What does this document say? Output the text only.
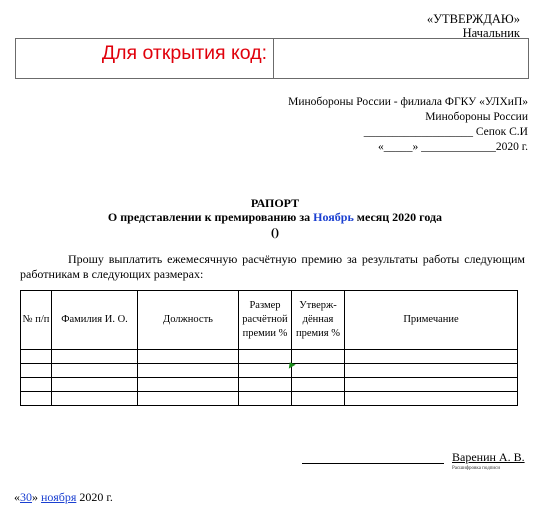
«УТВЕРЖДАЮ»
Начальник
Для открытия код:
Минобороны России - филиала ФГКУ «УЛХиП»
Минобороны России
___________________ Сепок С.И
«_____» _____________2020 г.
РАПОРТ
О представлении к премированию за Ноябрь месяц 2020 года
()
Прошу выплатить ежемесячную расчётную премию за результаты работы следующим работникам в следующих размерах:
№ п/п	Фамилия И. О.	Должность	Размер расчётной премии %	Утверж-дённая премия %	Примечание

Варенин А. В.
Расшифровка подписи
«30» ноября 2020 г.
